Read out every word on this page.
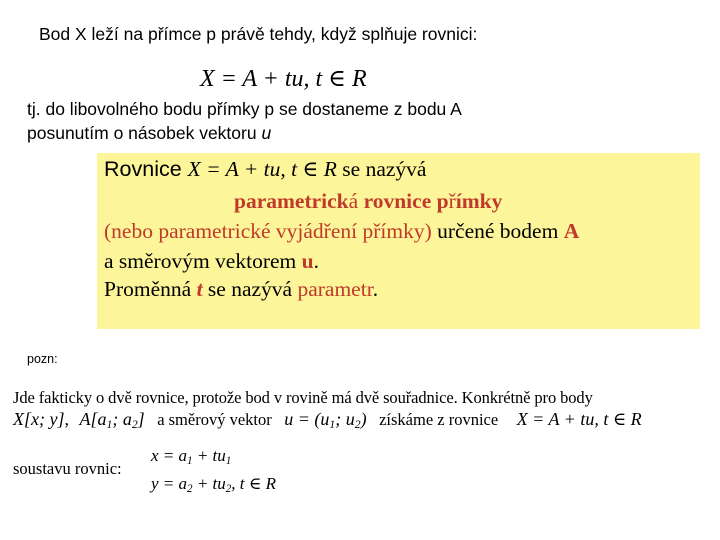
Bod X leží na přímce p právě tehdy, když splňuje rovnici:
X = A + tu, t ∈ R
tj. do libovolného bodu přímky p se dostaneme z bodu A
posunutím o násobek vektoru u
Rovnice X = A + tu, t ∈ R se nazývá
parametrická rovnice přímky
(nebo parametrické vyjádření přímky) určené bodem A
a směrovým vektorem u.
Proměnná t se nazývá parametr.
pozn:
Jde fakticky o dvě rovnice, protože bod v rovině má dvě souřadnice. Konkrétně pro body
X[x; y], A[a1; a2] a směrový vektor u = (u1; u2) získáme z rovnice X = A + tu, t ∈ R
soustavu rovnic:
x = a1 + tu1
y = a2 + tu2, t ∈ R
